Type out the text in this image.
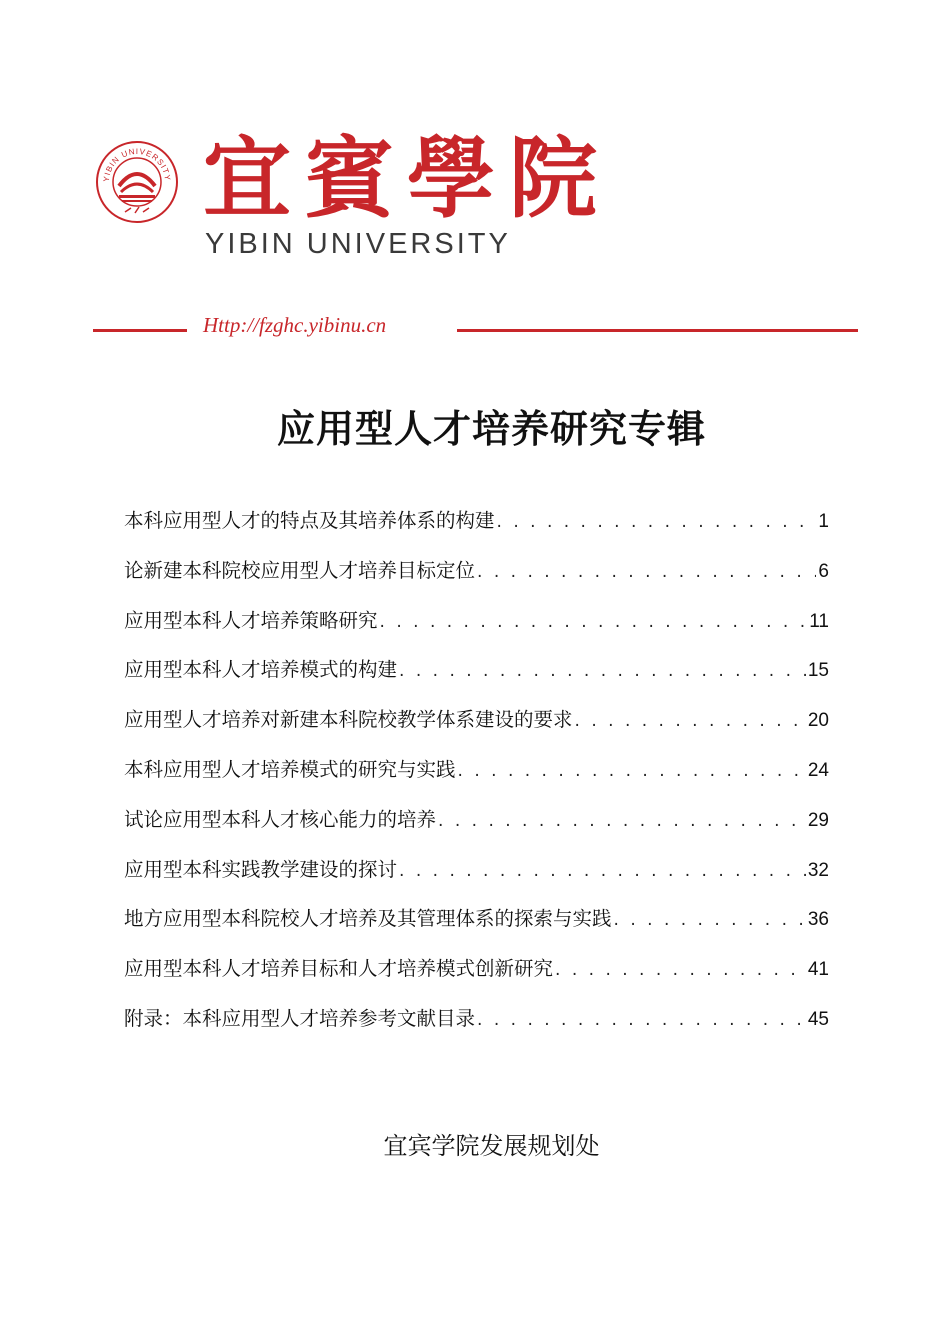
YIBIN UNIVERSITY 宜賓學院
YIBIN UNIVERSITY
Http://fzghc.yibinu.cn
应用型人才培养研究专辑
本科应用型人才的特点及其培养体系的构建 . . .	1
论新建本科院校应用型人才培养目标定位 . . .	6
应用型本科人才培养策略研究 . . .	11
应用型本科人才培养模式的构建 . . .	15
应用型人才培养对新建本科院校教学体系建设的要求 . . .	20
本科应用型人才培养模式的研究与实践 . . .	24
试论应用型本科人才核心能力的培养 . . .	29
应用型本科实践教学建设的探讨 . . .	32
地方应用型本科院校人才培养及其管理体系的探索与实践 . . .	36
应用型本科人才培养目标和人才培养模式创新研究 . . .	41
附录：本科应用型人才培养参考文献目录 . . .	45
宜宾学院发展规划处
